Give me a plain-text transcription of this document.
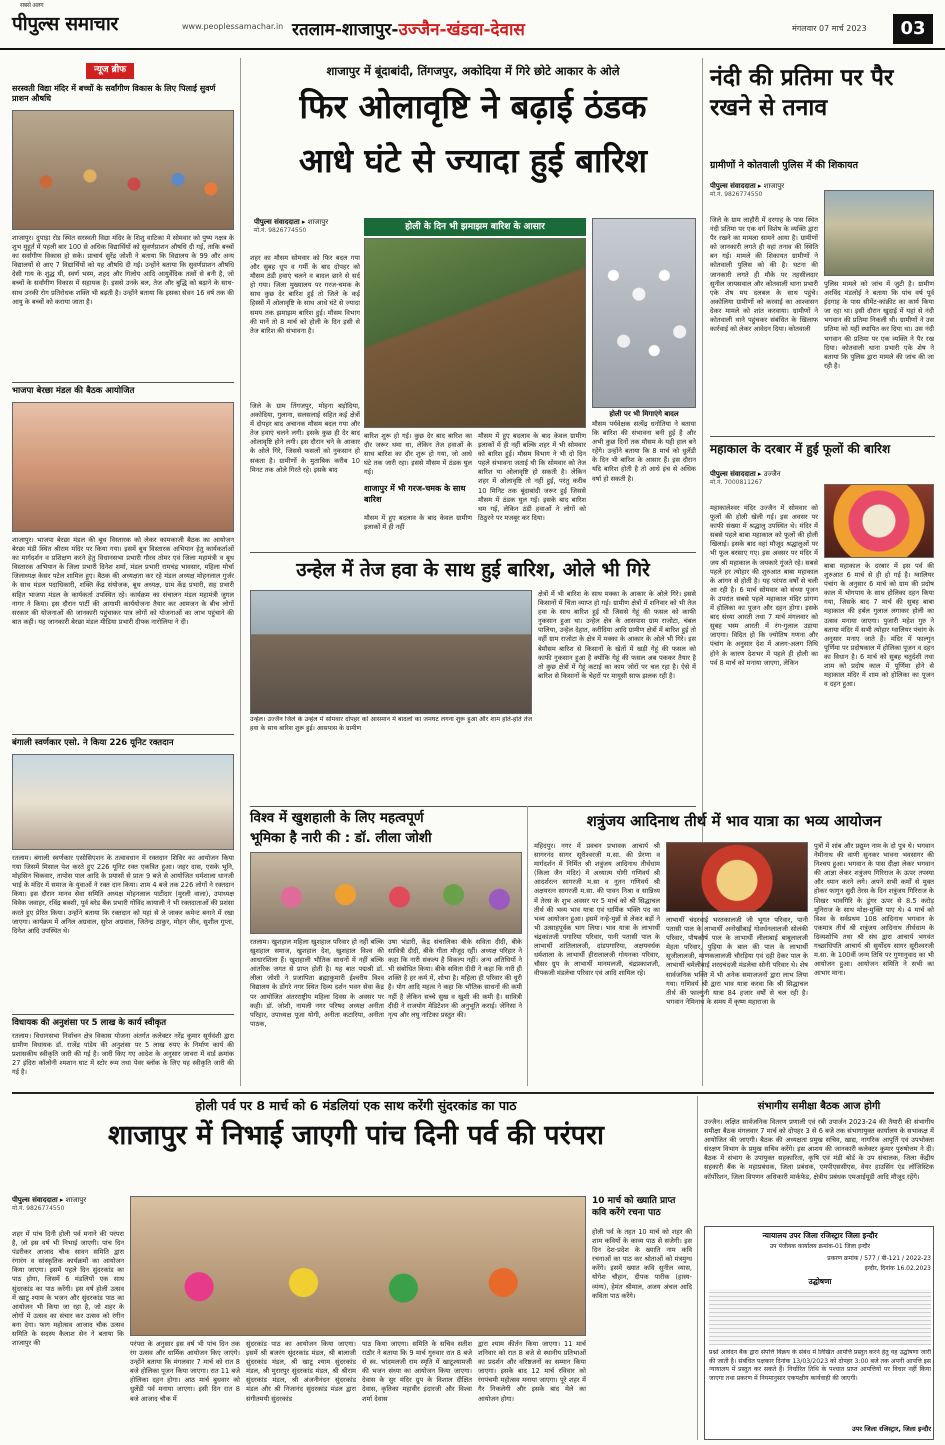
सबसे अलग
पीपुल्स समाचार	www.peoplessamachar.in रतलाम-शाजापुर- उज्जैन-खंडवा-देवास	मंगलवार 07 मार्च 2023	03
न्यूज ब्रीफ
सरस्वती विद्या मंदिर में बच्चों के सर्वांगीण विकास के लिए पिलाई सुवर्ण प्राशन औषधि
शाजापुर। दुपाड़ा रोड स्थित सरस्वती विद्या मंदिर के शिशु वाटिका में सोमवार को पुष्य नक्षत्र के शुभ मुहूर्त में पहली बार 100 से अधिक विद्यार्थियों को सुवर्णप्राशन औषधि दी गई, ताकि बच्चों का सर्वांगीण विकास हो सके। प्राचार्य सुरेंद्र जोशी ने बताया कि विद्यालय के 99 और अन्य विद्यालयों से आए 7 विद्यार्थियों को यह औषधि दी गई। उन्होंने बताया कि सुवर्णप्राशन औषधि देसी गाय के शुद्ध घी, स्वर्ण भस्म, शहद और गिलोय आदि आयुर्वेदिक तत्वों से बनी है, जो बच्चों के सर्वांगीण विकास में सहायक है। इससे उनके बल, तेज और बुद्धि को बढ़ाने के साथ-साथ उनकी रोग प्रतिरोधक शक्ति भी बढ़ती है। उन्होंने बताया कि इसका सेवन 16 वर्ष तक की आयु के बच्चों को कराया जाता है।
भाजपा बेरछा मंडल की बैठक आयोजित
शाजापुर। भाजपा बेरछा मंडल की बूथ विस्तारक को लेकर कामकाजी बैठक का आयोजन बेरछा मंडी स्थित श्रीराम मंदिर पर किया गया। इसमें बूथ विस्तारक अभियान हेतु कार्यकर्ताओं का मार्गदर्शन व प्रशिक्षण करने हेतु विधानसभा प्रभारी गौरव तोमर एवं जिला महामंत्री व बूथ विस्तारक अभियान के जिला प्रभारी दिनेश शर्मा, मंडल प्रभारी रामचंद्र भावसार, महिला मोर्चा जिलाध्यक्ष केसर पटेल शामिल हुए। बैठक की अध्यक्षता कर रहे मंडल अध्यक्ष मोहनलाल गुर्जर के साथ मंडल पदाधिकारी, शक्ति केंद्र संयोजक, बूथ अध्यक्ष, ग्राम केंद्र प्रभारी, सह प्रभारी सहित भाजपा मंडल के कार्यकर्ता उपस्थित रहे। कार्यक्रम का संचालन मंडल महामंत्री जुगल नागर ने किया। इस दौरान पार्टी की आगामी कार्ययोजना तैयार कर आमजन के बीच लोगों सरकार की योजनाओं की जानकारी पहुंचाकर पात्र लोगों को योजनाओं का लाभ पहुंचाने की बात कही। यह जानकारी बेरछा मंडल मीडिया प्रभारी दीपक नारोलिया ने दी।
बंगाली स्वर्णकार एसो. ने किया 226 यूनिट रक्तदान
रतलाम। बंगाली स्वर्णकार एसोसिएशन के तत्वावधान में रक्तदान शिविर का आयोजन किया गया जिसमें मिसाल पेश करते हुए 226 यूनिट रक्त एकत्रित हुआ। जहर दास, एसके भूनि, मोहसिन चिकवार, तापोस पाल आदि के प्रयासों से प्रातः 9 बजे से आयोजित धर्मशाला धानजी भाई के मंदिर में समाज के युवाओं ने रक्त दान किया। शाम 4 बजे तक 226 लोगों ने रक्तदान किया। इस दौरान मानव सेवा समिति अध्यक्ष मोहनलाल पाटीदार (मुरली वाला), उपाध्यक्ष विवेक जवाहर, रविंद्र बक्शी, पूर्व बरेड बैंक प्रभारी गोविंद कायाली ने भी रक्तदाताओं की प्रशंसा करते हुए प्रेरित किया। उन्होंने बताया कि रक्तदान को यहां से ले जाकर कमेन्ट बनाने में रखा जाएगा। कार्यक्रम में अनिल अग्रवाल, सुरेश अग्रवाल, जितेन्द्र ठाकुर, मोहन जीव, सुशील गुप्ता, दिनेश आदि उपस्थित थे।
विधायक की अनुशंसा पर 5 लाख के कार्य स्वीकृत
रतलाम। विधानसभा निर्वाचन क्षेत्र विकास योजना अंतर्गत कलेक्टर नरेंद्र कुमार सूर्यवंशी द्वारा ग्रामीण विधायक डॉ. राजेंद्र पांडेय की अनुशंसा पर 5 लाख रुपए के निर्माण कार्य की प्रशासकीय स्वीकृति जारी की गई है। जारी किए गए आदेश के अनुसार जावरा में वार्ड क्रमांक 27 इंदिरा कॉलोनी श्मशान घाट में स्टोर रूम तथा पेवर ब्लॉक के लिए यह स्वीकृति जारी की गई है।
शाजापुर में बूंदाबांदी, तिंगजपुर, अकोदिया में गिरे छोटे आकार के ओले
फिर ओलावृष्टि ने बढ़ाई ठंडक
आधे घंटे से ज्यादा हुई बारिश
पीपुल्स संवाददाता ▸ शाजापुर
मो.नं. 9826774550
शहर का मौसम सोमवार को फिर बदल गया और सुबह धूप व गर्मी के बाद दोपहर को मौसम ठंडी हवाएं चलने व बादल छाने से सर्द हो गया। जिला मुख्यालय पर गरज-चमक के साथ कुछ देर बारिश हुई तो जिले के कई हिस्सों में ओलावृष्टि के साथ आधे घंटे से ज्यादा समय तक झमाझम बारिश हुई। मौसम विभाग की मानें तो 8 मार्च को होली के दिन इसी से तेज बारिश की संभावना है।
जिले के ग्राम तिंगजपुर, मोहना बड़ोदिया, अकोदिया, गुलाना, सलसलाई सहित कई क्षेत्रों में दोपहर बाद अचानक मौसम बदल गया और तेज हवाएं चलने लगी। इसके कुछ ही देर बाद ओलावृष्टि होने लगी। इस दौरान चने के आकार के ओले गिरे, जिससे फसलों को नुकसान हो सकता है। ग्रामीणों के मुताबिक करीब 10 मिनट तक ओले गिरते रहे। इसके बाद
होली के दिन भी झमाझम बारिश के आसार
बारिश शुरू हो गई। कुछ देर बाद बारिश का दौर जरूर थमा था, लेकिन तेज हवाओं के साथ बारिश का दौर शुरू हो गया, जो आधे घंटे तक जारी रहा। इससे मौसम में ठंडक घुल गई।
शाजापुर में भी गरज-चमक के साथ बारिश
मौसम में हुए बदलाव के बाद केवल ग्रामीण इलाकों में ही नहीं
मौसम में हुए बदलाव के बाद केवल ग्रामीण इलाकों में ही नहीं बल्कि शहर में भी सोमवार को बारिश हुई। मौसम विभाग ने भी दो दिन पहले संभावना जताई थी कि सोमवार को तेज बारिश या ओलावृष्टि हो सकती है। लेकिन शहर में ओलावृष्टि तो नहीं हुई, परंतु करीब 10 मिनिट तक बूंदाबांदी जरूर हुई जिससे मौसम में ठंडक घुल गई। इसके बाद बारिश थम गई, लेकिन ठंडी हवाओं ने लोगों को ठिठुरने पर मजबूर कर दिया।
होली पर भी मिगाएंगे बादल
मौसम पर्यवेक्षक सत्येंद्र धनोतिया ने बताया कि बारिश की संभावना बनी हुई है और अभी कुछ दिनों तक मौसम के यही हाल बने रहेंगे। उन्होंने बताया कि 8 मार्च को धुलेंडी के दिन भी बारिश के आसार हैं। इस दौरान यदि बारिश होती है तो आधे इंच से अधिक वर्षा हो सकती है।
उन्हेल में तेज हवा के साथ हुई बारिश, ओले भी गिरे
उन्हेल। उज्जैन जिले के उन्हेल में सोमवार दोपहर को आसमान में बादलों का जमघट लगना शुरू हुआ और शाम होते-होते तेज हवा के साथ बारिश शुरू हुई। आसपास के ग्रामीण
क्षेत्रों में भी बारिश के साथ मक्का के आकार के ओले गिरे। इससे किसानों में चिंता व्याप्त हो गई। ग्रामीण क्षेत्रों में शनिवार को भी तेज हवा के साथ बारिश हुई थी जिससे गेहूं की फसल को काफी नुकसान हुआ था। उन्हेल क्षेत्र के आसपास ग्राम राजोटा, चंबल पालिया, उन्हेल देहात, करीदिया आदि ग्रामीण क्षेत्रों में बारिश हुई तो वहीं ग्राम राजोटा के क्षेत्र में मक्का के आकार के ओले भी गिरे। इस बेमौसम बारिश से किसानों के खेतों में खड़ी गेहूं की फसल को काफी नुकसान हुआ है क्योंकि गेहूं की फसल अब पककर तैयार है तो कुछ क्षेत्रों में गेहूं कटाई का काम जोरों पर चल रहा है। ऐसे में बारिश से किसानों के चेहरों पर मायूसी साफ झलक रही है।
नंदी की प्रतिमा पर पैर रखने से तनाव
ग्रामीणों ने कोतवाली पुलिस में की शिकायत
पीपुल्स संवाददाता ▸ शाजापुर
मो.नं. 9826774550
जिले के ग्राम लाहौरी में दरगाह के पास स्थित नंदी प्रतिमा पर एक वर्ग विशेष के व्यक्ति द्वारा पैर रखने का मामला सामने आया है। ग्रामीणों को जानकारी लगते ही वहां तनाव की स्थिति बन गई। मामले की शिकायत ग्रामीणों ने कोतवाली पुलिस को की है। घटना की जानकारी लगते ही मौके पर तहसीलदार सुनील जायसवाल और कोतवाली थाना प्रभारी एके शेष मय दलबल के साथ पहुंचे। अकोलिया ग्रामीणों को करवाई का आश्वासन देकर मामले को शांत करवाया। ग्रामीणों ने कोतवाली थाने पहुंचकर संबंधित के खिलाफ कार्रवाई को लेकर आवेदन दिया। कोतवाली
पुलिस मामले को जांच में जुटी है। ग्रामीण अरविंद मंडलोई ने बताया कि पांच वर्ष पूर्व ईदगाह के पास सीमेंट-कांक्रीट का कार्य किया जा रहा था। इसी दौरान खुदाई में यहां से नंदी भगवान की प्रतिमा निकली थी। ग्रामीणों ने उस प्रतिमा को यहीं स्थापित कर दिया था। उस नंदी भगवान की प्रतिमा पर एक व्यक्ति ने पैर रख दिया। कोतवाली थाना प्रभारी एके शेष ने बताया कि पुलिस द्वारा मामले की जांच की जा रही है।
महाकाल के दरबार में हुई फूलों की बारिश
पीपुल्स संवाददाता ▸ उज्जैन
मो.नं. 7000811267
महाकालेश्वर मंदिर उज्जैन में सोमवार को फूलों की होली खेली गई। इस अवसर पर काफी संख्या में श्रद्धालु उपस्थित थे। मंदिर में सबसे पहले बाबा महाकाल को फूलों की होली खिलाई। इसके बाद वहां मौजूद श्रद्धालुओं पर भी फूल बरसाए गए। इस अवसर पर मंदिर में जय श्री महाकाल के जयकारे गूंजते रहे। सबसे पहले हर त्योहार की शुरुआत बाबा महाकाल के आंगन से होती है। यह परंपरा वर्षों से चली आ रही है। 6 मार्च सोमवार को संध्या पूजन के उपरांत सबसे पहले महाकाल मंदिर प्रांगण में होलिका का पूजन और दहन होगा। इसके बाद संध्या आरती तथा 7 मार्च मंगलवार को सुबह भस्म आरती में रंग-गुलाल उड़ाया जाएगा। विदित हो कि ज्योतिष गणना और पंचांग के अनुसार देश में अलग-अलग तिथि होने के कारण देशभर में पहले ही होली का पर्व 8 मार्च को मनाया जाएगा, लेकिन
बाबा महाकाल के दरबार में इस पर्व की शुरुआत 6 मार्च से ही हो गई है। ग्वालियर पंचांग के अनुसार 6 मार्च को ग्राम की प्रदोष काल में भोगपाय के साथ होलिका दहन किया गया, जिसके बाद 7 मार्च की सुबह बाबा महाकाल की हर्बल गुलाल लगाकर होली का उत्सव मनाया जाएगा। पुजारी महेश गुरु ने बताया मंदिर में सभी त्योहार ग्वालियर पंचांग के अनुसार मनाए जाते हैं। मंदिर में फाल्गुन पूर्णिमा पर प्रदोषकाल में होलिका पूजन व दहन का विधान है। 6 मार्च को सुबह चतुर्दशी तथा शाम को प्रदोष काल में पूर्णिमा होने से महाकाल मंदिर में शाम को होलिका का पूजन व दहन हुआ।
विश्व में खुशहाली के लिए महत्वपूर्ण
भूमिका है नारी की : डॉ. लीला जोशी
रतलाम। खुशहाल महिला खुशहाल परिवार हो नहीं बल्कि खुशहाल समाज, खुशहाल देश, खुशहाल विश्व की आधारशिला हैं। खुशहाली भौतिक साधनों में नहीं बल्कि आंतरिक जगत से प्राप्त होती है। यह बात पद्मश्री डॉ. लीला जोशी ने प्रजापिता ब्रह्माकुमारी ईश्वरीय विश्व विद्यालय के डोंगरे नगर स्थित दिव्य दर्शन भवन सेवा केंद्र पर आयोजित अंतरराष्ट्रीय महिला दिवस के अवसर पर कही। डॉ. जोशी, नामली नगर परिषद अध्यक्ष अनीता परिहार, उपाध्यक्ष पूजा योगी, अनीता कटारिया, अनीता पाठक,
उषा भंडारी, केंद्र संचालिका बीके सविता दीदी, बीके सावित्री दीदी, बीके गीता मौजूद रहीं। अध्यक्ष परिहार ने कहा कि नारी संकल्प है विकल्प नहीं। अन्य अतिथियों ने भी संबोधित किया। बीके सविता दीदी ने कहा कि नारी ही शक्ति है हर कर्म में, शोभा है। महिला ही परिवार की धुरी है। योग आदि महत्व ने कहा कि भौतिक साधनों की कमी नहीं है लेकिन सच्चे सुख व खुशी की कमी है। सावित्री दीदी ने राजयोग मेडिटेशन की अनुभूति कराई। जेनिसा ने नृत्य और लघु नाटिका प्रस्तुत की।
शत्रुंजय आदिनाथ तीर्थ में भाव यात्रा का भव्य आयोजन
महिदपुर। नगर में प्रवचन प्रभावक आचार्य श्री सागरनंद सागर सूरीश्वरजी म.सा. की प्रेरणा व मार्गदर्शन में निर्मित श्री शत्रुंजय आदिनाथ तीर्थधाम (किला जैन मंदिर) में अध्यात्म योगी गणिवर्य श्री आदर्शरत्न सागरजी म.सा व नूतन गणिवर्य श्री अक्षयरत्न सागरजी म.सा. की पावन निश्रा व सान्निध्य में तेरस के शुभ अवसर पर 5 मार्च को श्री सिद्धाचल तीर्थ की भव्य भाव यात्रा एवं धार्मिक भक्ति पद का भव्य आयोजन हुआ। इसमें नन्हे-मुन्नों से लेकर बड़ों ने भी उत्साहपूर्वक भाग लिया। भाव यात्रा के लाभार्थी चंद्रकांतजी पगारिया परिवार, पानी पतासी पाल के लाभार्थी शांतिलालजी, दांडपगारिया, अक्षयवर्धक धर्मशाला के लाभार्थी हीरालालजी गोयनका परिवार, चौसर ग्रुप के लाभार्थी मानमलजी, चंद्रप्रकाशजी, वीपकजी मंडलेचा परिवार एवं आदि शामिल रहे।
लाभार्थी चंदरवाई भरतकालजी जी भूगत परिवार, पानी पतासी पाल के लाभार्थी अनोखीबाई गोवर्धनलालजी सोलंकी परिवार, पौषकौर्ष पाल के लाभार्थी लीलाबाई बाबूलालजी मेहता परिवार, पुड़िया के बाल की पाल के लाभार्थी सूजीलालजी, माणकलालजी चौरड़िया एवं दही देकर पाल के लाभार्थी चमेलीबाई शरदचंदजी मंडलेचा सोनी परिवार थे। शेष सार्वजनिक भक्ति में भी अनेक समाजजनों द्वारा लाभ लिया गया। गणिवर्य श्री द्वारा भाव यात्रा करवा कि श्री सिद्धाचल तीर्थ की फाल्गुनी यात्रा 84 हजार वर्षों से चल रही है। भगवान नेमिनाथ के समय में कृष्ण महाराजा के
पुत्रों में शांब और प्रद्युम्न नाम के दो पुत्र थे। भगवान नेमीनाथ की वाणी सुनकर भावना भवसागर की निश्चय हुआ। भगवान के पास दीक्षा लेकर भगवान की आज्ञा लेकर शत्रुंजय गिरिराज के ऊपर तपस्या और ध्यान करने लगे। अपने सभी कर्मों से मुक्त होकर फागुन सुदी तेरस के दिन शत्रुंजय गिरिराज के शिखर भावगिरि के डूंगर ऊपर से 8.5 करोड़ मुनिराज के साथ मोक्ष-मुक्ति पाए थे। 4 मार्च को विश्व के सर्वप्रथम 108 आदिनाथ भगवान के एकमात्र तीर्थ श्री शत्रुंजय आदिनाथ तीर्थधाम के दिव्यशोभि तथा श्री संघ द्वारा आचार्य भगवंत गच्छाधिपति आचार्य श्री सुर्योदय सागर सूरीश्वरजी म.सा. के 100वीं जन्म तिथि पर गुणानुवाद का भी आयोजन हुआ। आयोजन समिति ने सभी का आभार माना।
होली पर्व पर 8 मार्च को 6 मंडलियां एक साथ करेंगी सुंदरकांड का पाठ
शाजापुर में निभाई जाएगी पांच दिनी पर्व की परंपरा
पीपुल्स संवाददाता ▸ शाजापुर
मो.नं. 9826774550
शहर में पांच दिनी होली पर्व मनाने की परंपरा है, जो इस वर्ष भी निभाई जाएगी। पांच दिन पंडरीकर आजाद चौक सावन समिति द्वारा रंगारंग व सांस्कृतिक कार्यक्रमों का आयोजन किया जाएगा। इसमें पहले दिन सुंदरकांड का पाठ होगा, जिसमें 6 मंडलियों एक साथ सुंदरकांड का पाठ करेंगी। इस वर्ष होली उत्सव में खाटू श्याम के भजन और सुंदरकांड पाठ का आयोजन भी किया जा रहा है, जो शहर के लोगों में उत्सव का संचार कर उत्सव को रंगीन बना देगा। फाग महोत्सव आजाद चौक उत्सव समिति के सदस्य कैलाश सेन ने बताया कि शाजापुर की	परंपरा के अनुसार इस वर्ष भी पांच दिन तक रंग उत्सव और धार्मिक आयोजन किए जाएंगे। उन्होंने बताया कि मंगलवार 7 मार्च को रात 8 बजे होलिका पूजन किया जाएगा। रात 11 बजे होलिका दहन होगा। आठ मार्च बुधवार को धुलेंडी पर्व मनाया जाएगा। इसी दिन रात 8 बजे आजाद चौक में
सुंदरकांड पाठ का आयोजन किया जाएगा। इसमें श्री बजरंग सुंदरकांड मंडल, श्री बालाजी सुंदरकांड मंडल, श्री खाटू श्याम सुंदरकांड मंडल, श्री मुरारपुर सुंदरकांड मंडल, श्री श्रीराम सुंदरकांड मंडल, श्री अंजनीनंदन सुंदरकांड मंडल और श्री निजानंद सुंदरकांड मंडल द्वारा संगीतमयी सुंदरकांड
पाठ किया जाएगा। समिति के सचिव सतीश राठौर ने बताया कि 9 मार्च गुरुवार रात 8 बजे से स्व. भांदमलजी राम स्मृति में खाटूश्यामजी की भजन संध्या का आयोजन किया जाएगा। देवास के सुर मंदिर ग्रुप के विशाल दीक्षित देवास, कृतिका महावीर इंदारजी और विश्वा शर्मा देवास
द्वारा श्याम कीर्तन किया जाएगा। 11 मार्च शनिवार को रात 8 बजे से स्थानीय प्रतिभाओं का प्रदर्शन और वरिष्ठजनों का सम्मान किया जाएगा। इसके बाद 12 मार्च रविवार को रंगपंचमी महोत्सव मनाया जाएगा। पूरे शहर में गैर निकलेगी और इसके बाद मेले का आयोजन होगा।
10 मार्च को ख्याति प्राप्त कवि करेंगे रचना पाठ
होली पर्व के तहत 10 मार्च को शहर की शाम कवियों के काव्य पाठ से सजेगी। इस दिन देश-प्रदेश के ख्याति नाम कवि रचनाओं का पाठ कर श्रोताओं को मंत्रमुग्ध करेंगे। इसमें ख्यात कवि सुनील व्यास, योगेश चौहान, दीपक पारीक (हास्य-व्यंग्य), हेमंत श्रीमाल, अजय अंचल आदि कविता पाठ करेंगे।
संभागीय समीक्षा बैठक आज होगी
उज्जैन। लक्षित सार्वजनिक वितरण प्रणाली एवं रबी उपार्जन 2023-24 की तैयारी की संभागीय समीक्षा बैठक मंगलवार 7 मार्च को दोपहर 3 से 6 बजे तक संभागायुक्त कार्यालय के सभाकक्ष में आयोजित की जाएगी। बैठक की अध्यक्षता प्रमुख सचिव, खाद्य, नागरिक आपूर्ति एवं उपभोक्ता संरक्षण विभाग के प्रमुख सचिव करेंगे। इस आशय की जानकारी कलेक्टर कुमार पुरुषोत्तम ने दी। बैठक में संभाग के उपायुक्त सहकारिता, कृषि एवं मंडी बोर्ड के उप संचालक, जिला केंद्रीय सहकारी बैंक के महाप्रबंधक, जिला प्रबंधक, एमपीएससीएस, वेयर हाउसिंग एंड लॉजिस्टिक कॉर्पोरेशन, जिला विपणन अधिकारी मार्कफेड, क्षेत्रीय प्रबंधक एमआईयूडी आदि मौजूद रहेंगे।
न्यायालय उपर जिला रजिस्ट्रार जिला इन्दौर
उप पंजीयक कार्यालय क्रमांक-01 जिला इन्दौर
प्रकरण क्रमांक / 577 / बी-121 / 2022-23
इन्दौर, दिनांक 16.02.2023
उद्घोषणा
प्रश्नों आवेदन बैंक द्वारा संपत्ति विक्रय के संबंध में लिखित आपत्ति प्रस्तुत करने हेतु यह उद्घोषणा जारी की जाती है। संबंधित पक्षकार दिनांक 13/03/2023 को दोपहर 3:00 बजे तक अपनी आपत्ति इस न्यायालय में प्रस्तुत कर सकते हैं। निर्धारित तिथि के पश्चात प्राप्त आपत्तियों पर विचार नहीं किया जाएगा तथा प्रकरण में नियमानुसार एकपक्षीय कार्यवाही की जाएगी।
उपर जिला रजिस्ट्रार, जिला इन्दौर
